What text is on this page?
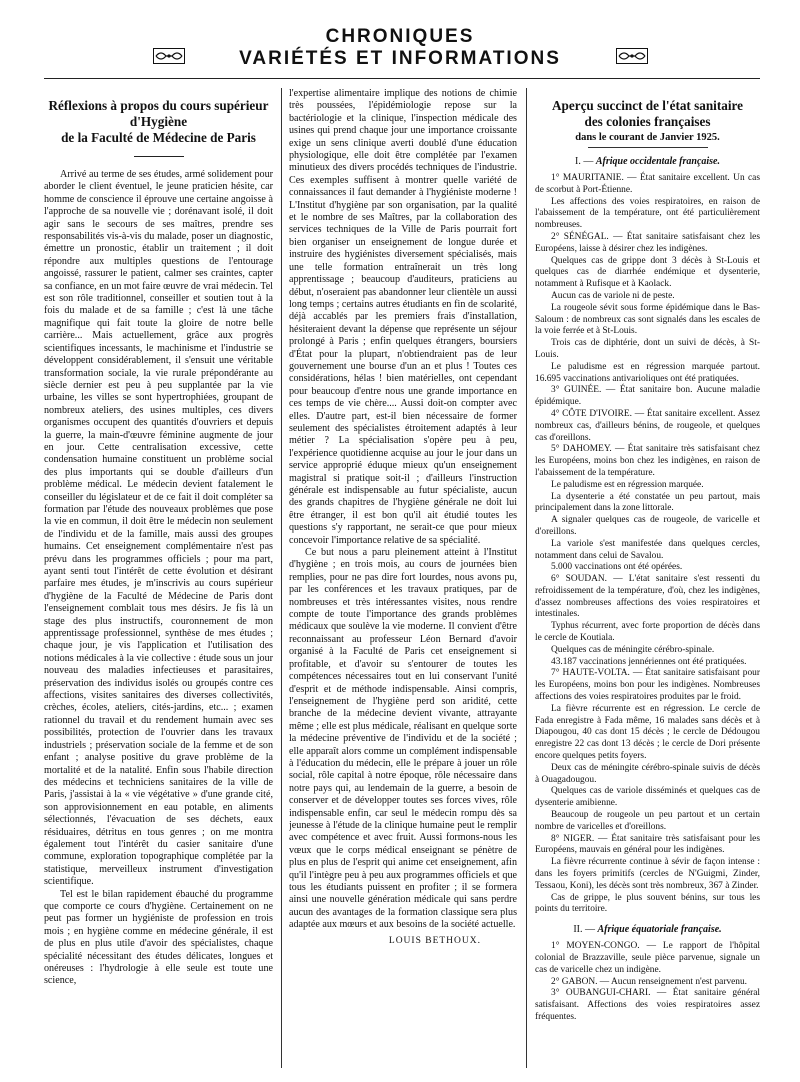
CHRONIQUES
VARIÉTÉS ET INFORMATIONS
Réflexions à propos du cours supérieur
d'Hygiène
de la Faculté de Médecine de Paris

Arrivé au terme de ses études, armé solidement pour aborder le client éventuel, le jeune praticien hésite, car homme de conscience il éprouve une certaine angoisse à l'approche de sa nouvelle vie ; dorénavant isolé, il doit agir sans le secours de ses maîtres, prendre ses responsabilités vis-à-vis du malade, poser un diagnostic, émettre un pronostic, établir un traitement ; il doit répondre aux multiples questions de l'entourage angoissé, rassurer le patient, calmer ses craintes, capter sa confiance, en un mot faire œuvre de vrai médecin. Tel est son rôle traditionnel, conseiller et soutien tout à la fois du malade et de sa famille ; c'est là une tâche magnifique qui fait toute la gloire de notre belle carrière... Mais actuellement, grâce aux progrès scientifiques incessants, le machinisme et l'industrie se développent considérablement, il s'ensuit une véritable transformation sociale, la vie rurale prépondérante au siècle dernier est peu à peu supplantée par la vie urbaine, les villes se sont hypertrophiées, groupant de nombreux ateliers, des usines multiples, ces divers organismes occupent des quantités d'ouvriers et depuis la guerre, la main-d'œuvre féminine augmente de jour en jour. Cette centralisation excessive, cette condensation humaine constituent un problème social des plus importants qui se double d'ailleurs d'un problème médical. Le médecin devient fatalement le conseiller du législateur et de ce fait il doit compléter sa formation par l'étude des nouveaux problèmes que pose la vie en commun, il doit être le médecin non seulement de l'individu et de la famille, mais aussi des groupes humains. Cet enseignement complémentaire n'est pas prévu dans les programmes officiels ; pour ma part, ayant senti tout l'intérêt de cette évolution et désirant parfaire mes études, je m'inscrivis au cours supérieur d'hygiène de la Faculté de Médecine de Paris dont l'enseignement comblait tous mes désirs. Je fis là un stage des plus instructifs, couronnement de mon apprentissage professionnel, synthèse de mes études ; chaque jour, je vis l'application et l'utilisation des notions médicales à la vie collective : étude sous un jour nouveau des maladies infectieuses et parasitaires, préservation des individus isolés ou groupés contre ces affections, visites sanitaires des diverses collectivités, crèches, écoles, ateliers, cités-jardins, etc... ; examen rationnel du travail et du rendement humain avec ses possibilités, protection de l'ouvrier dans les travaux industriels ; préservation sociale de la femme et de son enfant ; analyse positive du grave problème de la mortalité et de la natalité. Enfin sous l'habile direction des médecins et techniciens sanitaires de la ville de Paris, j'assistai à la « vie végétative » d'une grande cité, son approvisionnement en eau potable, en aliments sélectionnés, l'évacuation de ses déchets, eaux résiduaires, détritus en tous genres ; on me montra également tout l'intérêt du casier sanitaire d'une commune, exploration topographique complétée par la statistique, merveilleux instrument d'investigation scientifique.

Tel est le bilan rapidement ébauché du programme que comporte ce cours d'hygiène. Certainement on ne peut pas former un hygiéniste de profession en trois mois ; en hygiène comme en médecine générale, il est de plus en plus utile d'avoir des spécialistes, chaque spécialité nécessitant des études délicates, longues et onéreuses : l'hydrologie à elle seule est toute une science,

l'expertise alimentaire implique des notions de chimie très poussées, l'épidémiologie repose sur la bactériologie et la clinique, l'inspection médicale des usines qui prend chaque jour une importance croissante exige un sens clinique averti doublé d'une éducation physiologique, elle doit être complétée par l'examen minutieux des divers procédés techniques de l'industrie. Ces exemples suffisent à montrer quelle variété de connaissances il faut demander à l'hygiéniste moderne ! L'Institut d'hygiène par son organisation, par la qualité et le nombre de ses Maîtres, par la collaboration des services techniques de la Ville de Paris pourrait fort bien organiser un enseignement de longue durée et instruire des hygiénistes diversement spécialisés, mais une telle formation entraînerait un très long apprentissage ; beaucoup d'auditeurs, praticiens au début, n'oseraient pas abandonner leur clientèle un aussi long temps ; certains autres étudiants en fin de scolarité, déjà accablés par les premiers frais d'installation, hésiteraient devant la dépense que représente un séjour prolongé à Paris ; enfin quelques étrangers, boursiers d'État pour la plupart, n'obtiendraient pas de leur gouvernement une bourse d'un an et plus ! Toutes ces considérations, hélas ! bien matérielles, ont cependant pour beaucoup d'entre nous une grande importance en ces temps de vie chère.... Aussi doit-on compter avec elles. D'autre part, est-il bien nécessaire de former seulement des spécialistes étroitement adaptés à leur métier ? La spécialisation s'opère peu à peu, l'expérience quotidienne acquise au jour le jour dans un service approprié éduque mieux qu'un enseignement magistral si pratique soit-il ; d'ailleurs l'instruction générale est indispensable au futur spécialiste, aucun des grands chapitres de l'hygiène générale ne doit lui être étranger, il est bon qu'il ait étudié toutes les questions s'y rapportant, ne serait-ce que pour mieux concevoir l'importance relative de sa spécialité.

Ce but nous a paru pleinement atteint à l'Institut d'hygiène ; en trois mois, au cours de journées bien remplies, pour ne pas dire fort lourdes, nous avons pu, par les conférences et les travaux pratiques, par de nombreuses et très intéressantes visites, nous rendre compte de toute l'importance des grands problèmes médicaux que soulève la vie moderne. Il convient d'être reconnaissant au professeur Léon Bernard d'avoir organisé à la Faculté de Paris cet enseignement si profitable, et d'avoir su s'entourer de toutes les compétences nécessaires tout en lui conservant l'unité d'esprit et de méthode indispensable. Ainsi compris, l'enseignement de l'hygiène perd son aridité, cette branche de la médecine devient vivante, attrayante même ; elle est plus médicale, réalisant en quelque sorte la médecine préventive de l'individu et de la société ; elle apparaît alors comme un complément indispensable à l'éducation du médecin, elle le prépare à jouer un rôle social, rôle capital à notre époque, rôle nécessaire dans notre pays qui, au lendemain de la guerre, a besoin de conserver et de développer toutes ses forces vives, rôle indispensable enfin, car seul le médecin rompu dès sa jeunesse à l'étude de la clinique humaine peut le remplir avec compétence et avec fruit. Aussi formons-nous les vœux que le corps médical enseignant se pénètre de plus en plus de l'esprit qui anime cet enseignement, afin qu'il l'intègre peu à peu aux programmes officiels et que tous les étudiants puissent en profiter ; il se formera ainsi une nouvelle génération médicale qui sans perdre aucun des avantages de la formation classique sera plus adaptée aux mœurs et aux besoins de la société actuelle.

LOUIS BETHOUX.
Aperçu succinct de l'état sanitaire
des colonies françaises
dans le courant de Janvier 1925.
I. — Afrique occidentale française.

1° MAURITANIE. — État sanitaire excellent. Un cas de scorbut à Port-Étienne.

Les affections des voies respiratoires, en raison de l'abaissement de la température, ont été particulièrement nombreuses.

2° SÉNÉGAL. — État sanitaire satisfaisant chez les Européens, laisse à désirer chez les indigènes.

Quelques cas de grippe dont 3 décès à St-Louis et quelques cas de diarrhée endémique et dysenterie, notamment à Rufisque et à Kaolack.

Aucun cas de variole ni de peste.

La rougeole sévit sous forme épidémique dans le Bas-Saloum : de nombreux cas sont signalés dans les escales de la voie ferrée et à St-Louis.

Trois cas de diphtérie, dont un suivi de décès, à St-Louis.

Le paludisme est en régression marquée partout. 16.695 vaccinations antivarioliques ont été pratiquées.

3° GUINÉE. — État sanitaire bon. Aucune maladie épidémique.

4° CÔTE D'IVOIRE. — État sanitaire excellent. Assez nombreux cas, d'ailleurs bénins, de rougeole, et quelques cas d'oreillons.

5° DAHOMEY. — État sanitaire très satisfaisant chez les Européens, moins bon chez les indigènes, en raison de l'abaissement de la température.

Le paludisme est en régression marquée.

La dysenterie a été constatée un peu partout, mais principalement dans la zone littorale.

A signaler quelques cas de rougeole, de varicelle et d'oreillons.

La variole s'est manifestée dans quelques cercles, notamment dans celui de Savalou.

5.000 vaccinations ont été opérées.

6° SOUDAN. — L'état sanitaire s'est ressenti du refroidissement de la température, d'où, chez les indigènes, d'assez nombreuses affections des voies respiratoires et intestinales.

Typhus récurrent, avec forte proportion de décès dans le cercle de Koutiala.

Quelques cas de méningite cérébro-spinale.

43.187 vaccinations jennériennes ont été pratiquées.

7° HAUTE-VOLTA. — État sanitaire satisfaisant pour les Européens, moins bon pour les indigènes. Nombreuses affections des voies respiratoires produites par le froid.

La fièvre récurrente est en régression. Le cercle de Fada enregistre à Fada même, 16 malades sans décès et à Diapougou, 40 cas dont 15 décès ; le cercle de Dédougou enregistre 22 cas dont 13 décès ; le cercle de Dori présente encore quelques petits foyers.

Deux cas de méningite cérébro-spinale suivis de décès à Ouagadougou.

Quelques cas de variole disséminés et quelques cas de dysenterie amibienne.

Beaucoup de rougeole un peu partout et un certain nombre de varicelles et d'oreillons.

8° NIGER. — État sanitaire très satisfaisant pour les Européens, mauvais en général pour les indigènes.

La fièvre récurrente continue à sévir de façon intense : dans les foyers primitifs (cercles de N'Guigmi, Zinder, Tessaou, Koni), les décès sont très nombreux, 367 à Zinder.

Cas de grippe, le plus souvent bénins, sur tous les points du territoire.

II. — Afrique équatoriale française.

1° MOYEN-CONGO. — Le rapport de l'hôpital colonial de Brazzaville, seule pièce parvenue, signale un cas de varicelle chez un indigène.

2° GABON. — Aucun renseignement n'est parvenu.

3° OUBANGUI-CHARI. — État sanitaire général satisfaisant. Affections des voies respiratoires assez fréquentes.
